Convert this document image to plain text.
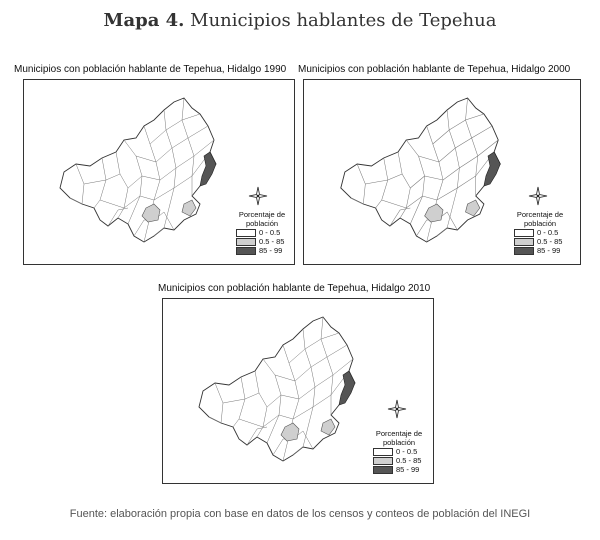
Mapa 4. Municipios hablantes de Tepehua
Municipios con población hablante de Tepehua, Hidalgo 1990
Porcentaje de
población
0 - 0.5
0.5 - 85
85 - 99
Municipios con población hablante de Tepehua, Hidalgo 2000
Porcentaje de
población
0 - 0.5
0.5 - 85
85 - 99
Municipios con población hablante de Tepehua, Hidalgo 2010
Porcentaje de
población
0 - 0.5
0.5 - 85
85 - 99
Fuente: elaboración propia con base en datos de los censos y conteos de población del INEGI
